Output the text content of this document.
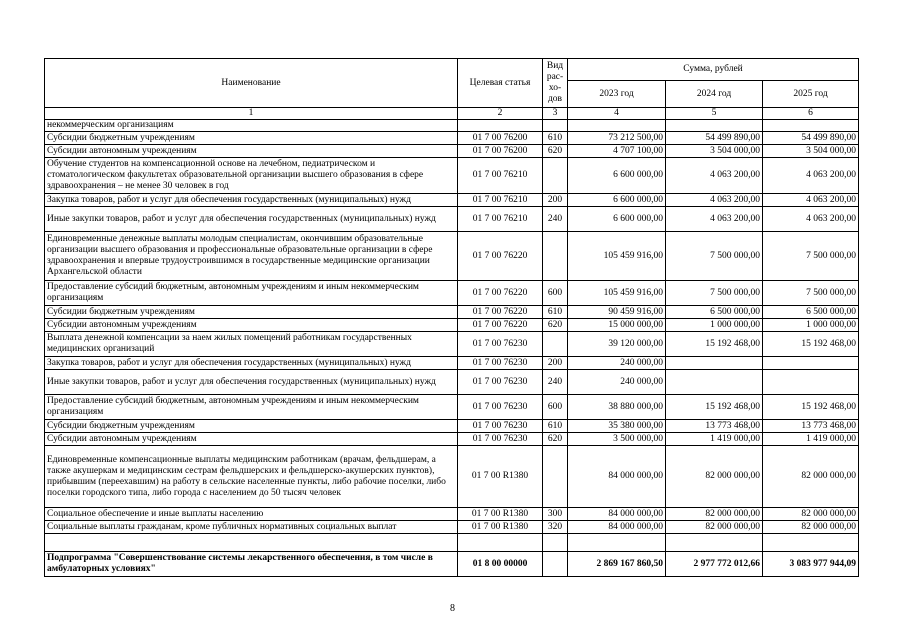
Наименование	Целевая статья	Вид рас-хо-дов	Сумма, рублей		
			2023 год	2024 год	2025 год
1	2	3	4	5	6
некоммерческим организациям					
Субсидии бюджетным учреждениям	01 7 00 76200	610	73 212 500,00	54 499 890,00	54 499 890,00
Субсидии автономным учреждениям	01 7 00 76200	620	4 707 100,00	3 504 000,00	3 504 000,00
Обучение студентов на компенсационной основе на лечебном, педиатрическом и стоматологическом факультетах образовательной организации высшего образования в сфере здравоохранения – не менее 30 человек в год	01 7 00 76210		6 600 000,00	4 063 200,00	4 063 200,00
Закупка товаров, работ и услуг для обеспечения государственных (муниципальных) нужд	01 7 00 76210	200	6 600 000,00	4 063 200,00	4 063 200,00
Иные закупки товаров, работ и услуг для обеспечения государственных (муниципальных) нужд	01 7 00 76210	240	6 600 000,00	4 063 200,00	4 063 200,00
Единовременные денежные выплаты молодым специалистам, окончившим образовательные организации высшего образования и профессиональные образовательные организации в сфере здравоохранения и впервые трудоустроившимся в государственные медицинские организации Архангельской области	01 7 00 76220		105 459 916,00	7 500 000,00	7 500 000,00
Предоставление субсидий бюджетным, автономным учреждениям и иным некоммерческим организациям	01 7 00 76220	600	105 459 916,00	7 500 000,00	7 500 000,00
Субсидии бюджетным учреждениям	01 7 00 76220	610	90 459 916,00	6 500 000,00	6 500 000,00
Субсидии автономным учреждениям	01 7 00 76220	620	15 000 000,00	1 000 000,00	1 000 000,00
Выплата денежной компенсации за наем жилых помещений работникам государственных медицинских организаций	01 7 00 76230		39 120 000,00	15 192 468,00	15 192 468,00
Закупка товаров, работ и услуг для обеспечения государственных (муниципальных) нужд	01 7 00 76230	200	240 000,00		
Иные закупки товаров, работ и услуг для обеспечения государственных (муниципальных) нужд	01 7 00 76230	240	240 000,00		
Предоставление субсидий бюджетным, автономным учреждениям и иным некоммерческим организациям	01 7 00 76230	600	38 880 000,00	15 192 468,00	15 192 468,00
Субсидии бюджетным учреждениям	01 7 00 76230	610	35 380 000,00	13 773 468,00	13 773 468,00
Субсидии автономным учреждениям	01 7 00 76230	620	3 500 000,00	1 419 000,00	1 419 000,00
Единовременные компенсационные выплаты медицинским работникам (врачам, фельдшерам, а также акушеркам и медицинским сестрам фельдшерских и фельдшерско-акушерских пунктов), прибывшим (переехавшим) на работу в сельские населенные пункты, либо рабочие поселки, либо поселки городского типа, либо города с населением до 50 тысяч человек	01 7 00 R1380		84 000 000,00	82 000 000,00	82 000 000,00
Социальное обеспечение и иные выплаты населению	01 7 00 R1380	300	84 000 000,00	82 000 000,00	82 000 000,00
Социальные выплаты гражданам, кроме публичных нормативных социальных выплат	01 7 00 R1380	320	84 000 000,00	82 000 000,00	82 000 000,00

Подпрограмма "Совершенствование системы лекарственного обеспечения, в том числе в амбулаторных условиях"	01 8 00 00000		2 869 167 860,50	2 977 772 012,66	3 083 977 944,09
8
